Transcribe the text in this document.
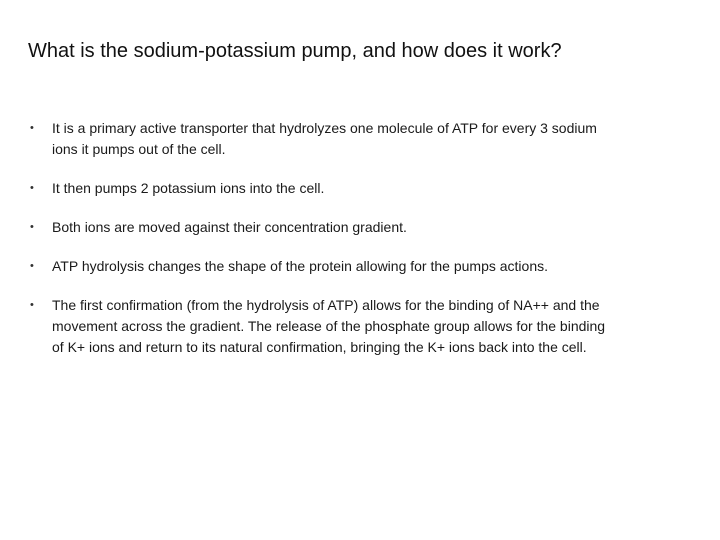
What is the sodium-potassium pump, and how does it work?
•	It is a primary active transporter that hydrolyzes one molecule of ATP for every 3 sodium ions it pumps out of the cell.
•	It then pumps 2 potassium ions into the cell.
•	Both ions are moved against their concentration gradient.
•	ATP hydrolysis changes the shape of the protein allowing for the pumps actions.
•	The first confirmation (from the hydrolysis of ATP) allows for the binding of NA++ and the movement across the gradient. The release of the phosphate group allows for the binding of K+ ions and return to its natural confirmation, bringing the K+ ions back into the cell.
